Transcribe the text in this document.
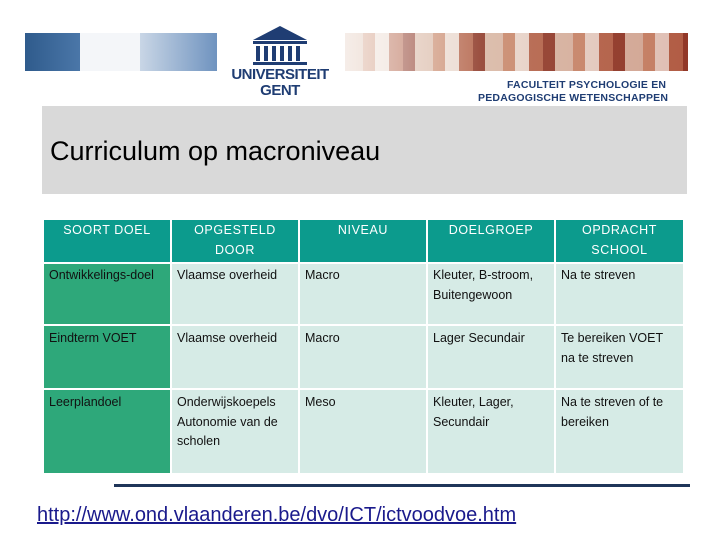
UNIVERSITEIT
GENT	FACULTEIT PSYCHOLOGIE EN
PEDAGOGISCHE WETENSCHAPPEN
Curriculum op macroniveau
SOORT DOEL	OPGESTELD DOOR	NIVEAU	DOELGROEP	OPDRACHT SCHOOL
Ontwikkelings-doel	Vlaamse overheid	Macro	Kleuter, B-stroom, Buitengewoon	Na te streven
Eindterm VOET	Vlaamse overheid	Macro	Lager Secundair	Te bereiken VOET na te streven
Leerplandoel	Onderwijskoepels Autonomie van de scholen	Meso	Kleuter, Lager, Secundair	Na te streven of te bereiken
http://www.ond.vlaanderen.be/dvo/ICT/ictvoodvoe.htm
